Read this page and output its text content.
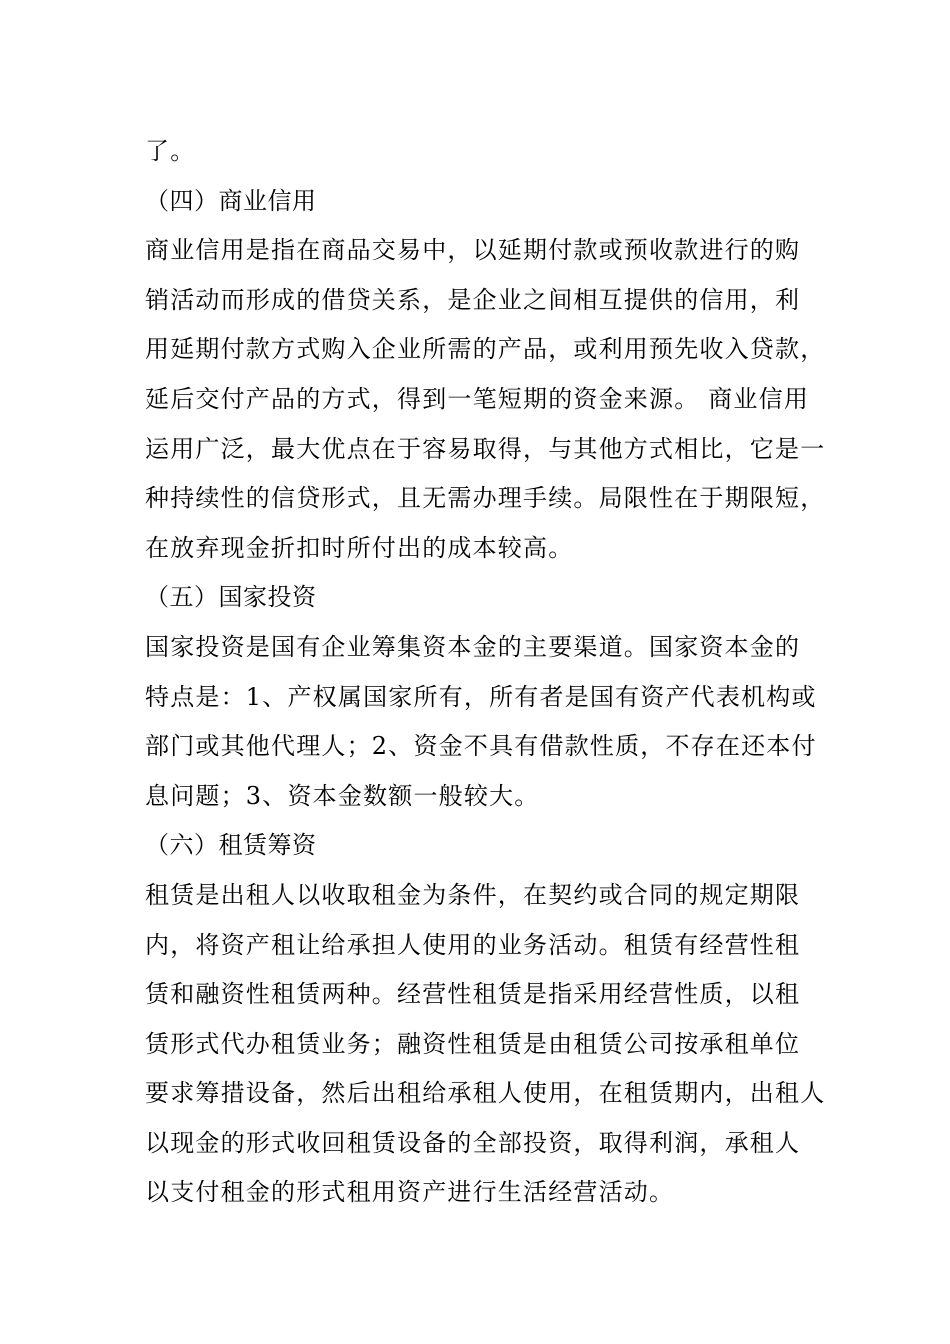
了。
（四）商业信用
商业信用是指在商品交易中，以延期付款或预收款进行的购
销活动而形成的借贷关系，是企业之间相互提供的信用，利
用延期付款方式购入企业所需的产品，或利用预先收入贷款，
延后交付产品的方式，得到一笔短期的资金来源。 商业信用
运用广泛，最大优点在于容易取得，与其他方式相比，它是一
种持续性的信贷形式，且无需办理手续。局限性在于期限短，
在放弃现金折扣时所付出的成本较高。
（五）国家投资
国家投资是国有企业筹集资本金的主要渠道。国家资本金的
特点是：1、产权属国家所有，所有者是国有资产代表机构或
部门或其他代理人；2、资金不具有借款性质，不存在还本付
息问题；3、资本金数额一般较大。
（六）租赁筹资
租赁是出租人以收取租金为条件，在契约或合同的规定期限
内，将资产租让给承担人使用的业务活动。租赁有经营性租
赁和融资性租赁两种。经营性租赁是指采用经营性质，以租
赁形式代办租赁业务；融资性租赁是由租赁公司按承租单位
要求筹措设备，然后出租给承租人使用，在租赁期内，出租人
以现金的形式收回租赁设备的全部投资，取得利润，承租人
以支付租金的形式租用资产进行生活经营活动。
